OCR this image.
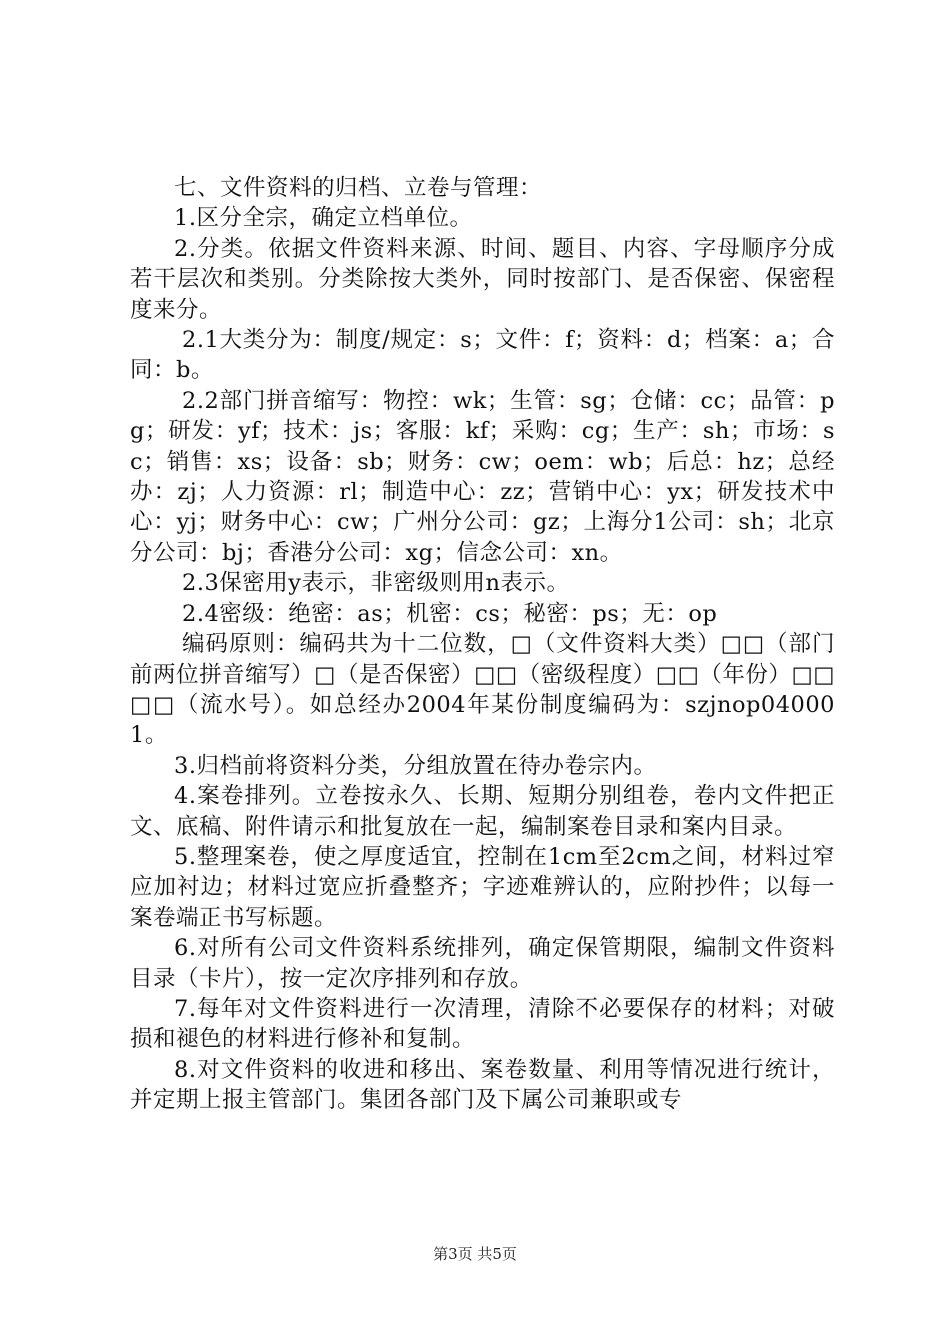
七、文件资料的归档、立卷与管理：

1.区分全宗，确定立档单位。

2.分类。依据文件资料来源、时间、题目、内容、字母顺序分成若干层次和类别。分类除按大类外，同时按部门、是否保密、保密程度来分。

2.1大类分为：制度/规定：s；文件：f；资料：d；档案：a；合同：b。

2.2部门拼音缩写：物控：wk；生管：sg；仓储：cc；品管：pg；研发：yf；技术：js；客服：kf；采购：cg；生产：sh；市场：sc；销售：xs；设备：sb；财务：cw；oem：wb；后总：hz；总经办：zj；人力资源：rl；制造中心：zz；营销中心：yx；研发技术中心：yj；财务中心：cw；广州分公司：gz；上海分1公司：sh；北京分公司：bj；香港分公司：xg；信念公司：xn。

2.3保密用y表示，非密级则用n表示。

2.4密级：绝密：as；机密：cs；秘密：ps；无：op

编码原则：编码共为十二位数，□（文件资料大类）□□（部门前两位拼音缩写）□（是否保密）□□（密级程度）□□（年份）□□□□（流水号）。如总经办2004年某份制度编码为：szjnop040001。

3.归档前将资料分类，分组放置在待办卷宗内。

4.案卷排列。立卷按永久、长期、短期分别组卷，卷内文件把正文、底稿、附件请示和批复放在一起，编制案卷目录和案内目录。

5.整理案卷，使之厚度适宜，控制在1cm至2cm之间，材料过窄应加衬边；材料过宽应折叠整齐；字迹难辨认的，应附抄件；以每一案卷端正书写标题。

6.对所有公司文件资料系统排列，确定保管期限，编制文件资料目录（卡片），按一定次序排列和存放。

7.每年对文件资料进行一次清理，清除不必要保存的材料；对破损和褪色的材料进行修补和复制。

8.对文件资料的收进和移出、案卷数量、利用等情况进行统计，并定期上报主管部门。集团各部门及下属公司兼职或专

第3页 共5页
